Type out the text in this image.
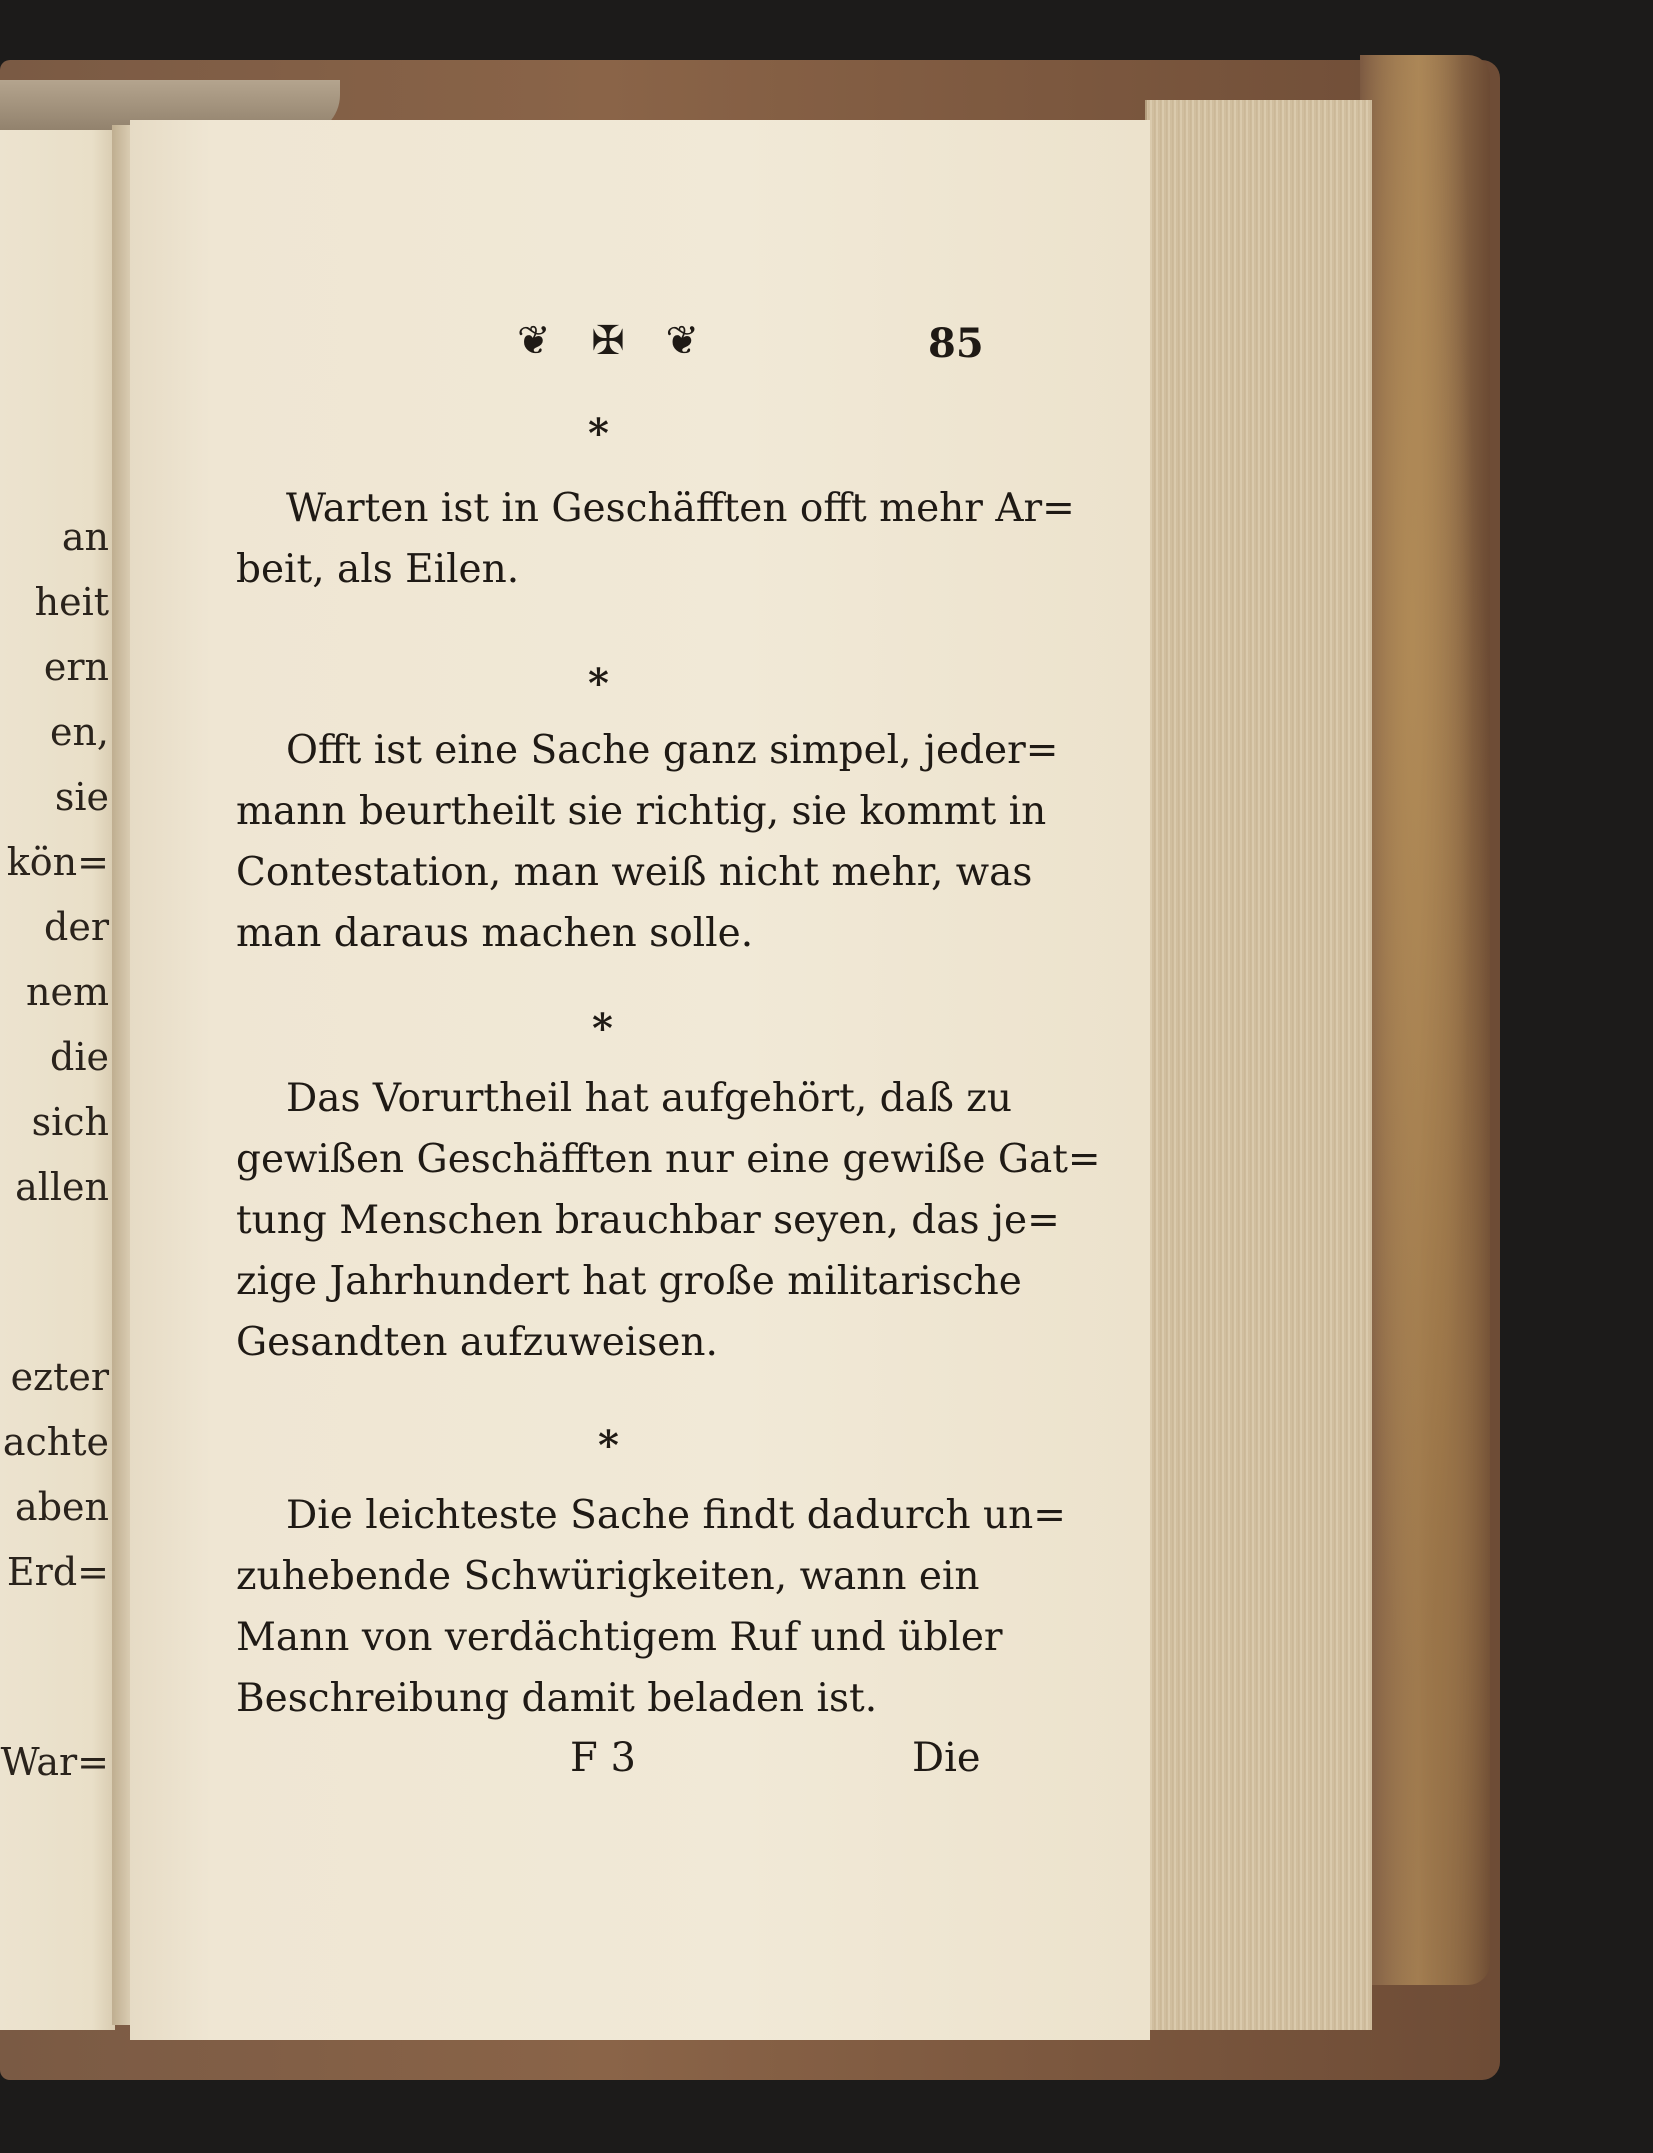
an
heit
ern
en,
sie
kön=
der
nem
die
sich
allen
ezter
achte
aben
Erd=
War=
❦ ✠ ❦	85
*
Warten ist in Geschäfften offt mehr Ar=
beit, als Eilen.
*
Offt ist eine Sache ganz simpel, jeder=
mann beurtheilt sie richtig, sie kommt in
Contestation, man weiß nicht mehr, was
man daraus machen solle.
*
Das Vorurtheil hat aufgehört, daß zu
gewißen Geschäfften nur eine gewiße Gat=
tung Menschen brauchbar seyen, das je=
zige Jahrhundert hat große militarische
Gesandten aufzuweisen.
*
Die leichteste Sache findt dadurch un=
zuhebende Schwürigkeiten, wann ein
Mann von verdächtigem Ruf und übler
Beschreibung damit beladen ist.
F 3	Die
